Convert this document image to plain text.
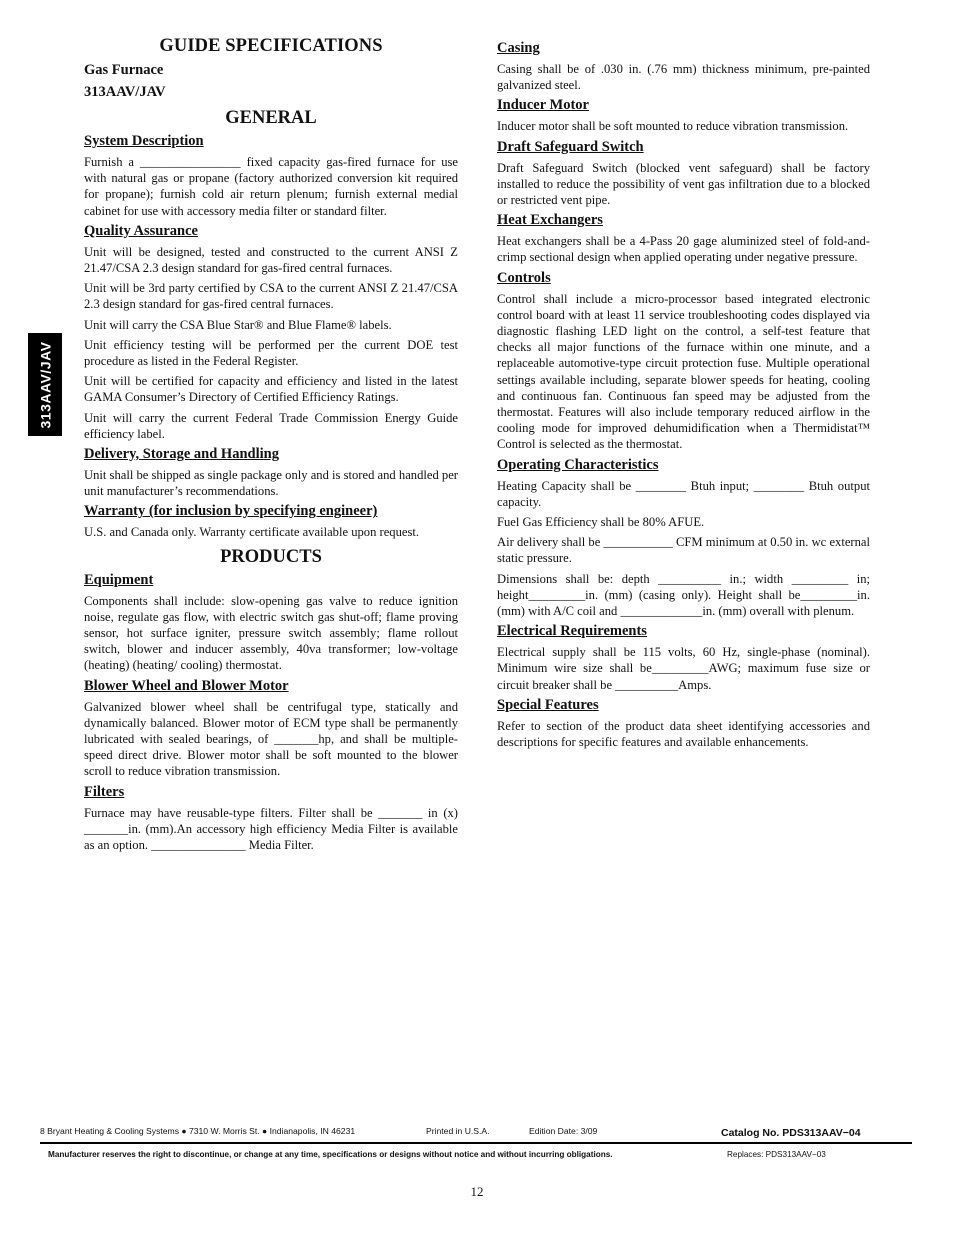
313AAV/JAV
GUIDE SPECIFICATIONS
Gas Furnace
313AAV/JAV
GENERAL
System Description

Furnish a ________________ fixed capacity gas-fired furnace for use with natural gas or propane (factory authorized conversion kit required for propane); furnish cold air return plenum; furnish external medial cabinet for use with accessory media filter or standard filter.

Quality Assurance

Unit will be designed, tested and constructed to the current ANSI Z 21.47/CSA 2.3 design standard for gas-fired central furnaces.

Unit will be 3rd party certified by CSA to the current ANSI Z 21.47/CSA 2.3 design standard for gas-fired central furnaces.

Unit will carry the CSA Blue Star® and Blue Flame® labels.

Unit efficiency testing will be performed per the current DOE test procedure as listed in the Federal Register.

Unit will be certified for capacity and efficiency and listed in the latest GAMA Consumer’s Directory of Certified Efficiency Ratings.

Unit will carry the current Federal Trade Commission Energy Guide efficiency label.

Delivery, Storage and Handling

Unit shall be shipped as single package only and is stored and handled per unit manufacturer’s recommendations.

Warranty (for inclusion by specifying engineer)

U.S. and Canada only. Warranty certificate available upon request.

PRODUCTS
Equipment

Components shall include: slow-opening gas valve to reduce ignition noise, regulate gas flow, with electric switch gas shut-off; flame proving sensor, hot surface igniter, pressure switch assembly; flame rollout switch, blower and inducer assembly, 40va transformer; low-voltage (heating) (heating/ cooling) thermostat.

Blower Wheel and Blower Motor

Galvanized blower wheel shall be centrifugal type, statically and dynamically balanced. Blower motor of ECM type shall be permanently lubricated with sealed bearings, of _______hp, and shall be multiple-speed direct drive. Blower motor shall be soft mounted to the blower scroll to reduce vibration transmission.

Filters

Furnace may have reusable-type filters. Filter shall be _______ in (x) _______in. (mm).An accessory high efficiency Media Filter is available as an option. _______________ Media Filter.

Casing

Casing shall be of .030 in. (.76 mm) thickness minimum, pre-painted galvanized steel.

Inducer Motor

Inducer motor shall be soft mounted to reduce vibration transmission.

Draft Safeguard Switch

Draft Safeguard Switch (blocked vent safeguard) shall be factory installed to reduce the possibility of vent gas infiltration due to a blocked or restricted vent pipe.

Heat Exchangers

Heat exchangers shall be a 4-Pass 20 gage aluminized steel of fold-and-crimp sectional design when applied operating under negative pressure.

Controls

Control shall include a micro-processor based integrated electronic control board with at least 11 service troubleshooting codes displayed via diagnostic flashing LED light on the control, a self-test feature that checks all major functions of the furnace within one minute, and a replaceable automotive-type circuit protection fuse. Multiple operational settings available including, separate blower speeds for heating, cooling and continuous fan. Continuous fan speed may be adjusted from the thermostat. Features will also include temporary reduced airflow in the cooling mode for improved dehumidification when a Thermidistat™ Control is selected as the thermostat.

Operating Characteristics

Heating Capacity shall be ________ Btuh input; ________ Btuh output capacity.

Fuel Gas Efficiency shall be 80% AFUE.

Air delivery shall be ___________ CFM minimum at 0.50 in. wc external static pressure.

Dimensions shall be: depth __________ in.; width _________ in; height_________in. (mm) (casing only). Height shall be_________in. (mm) with A/C coil and _____________in. (mm) overall with plenum.

Electrical Requirements

Electrical supply shall be 115 volts, 60 Hz, single-phase (nominal). Minimum wire size shall be_________AWG; maximum fuse size or circuit breaker shall be __________Amps.

Special Features

Refer to section of the product data sheet identifying accessories and descriptions for specific features and available enhancements.

8 Bryant Heating & Cooling Systems ● 7310 W. Morris St. ● Indianapolis, IN 46231	Printed in U.S.A.	Edition Date: 3/09	Catalog No. PDS313AAV−04
Manufacturer reserves the right to discontinue, or change at any time, specifications or designs without notice and without incurring obligations.	Replaces: PDS313AAV−03
12
